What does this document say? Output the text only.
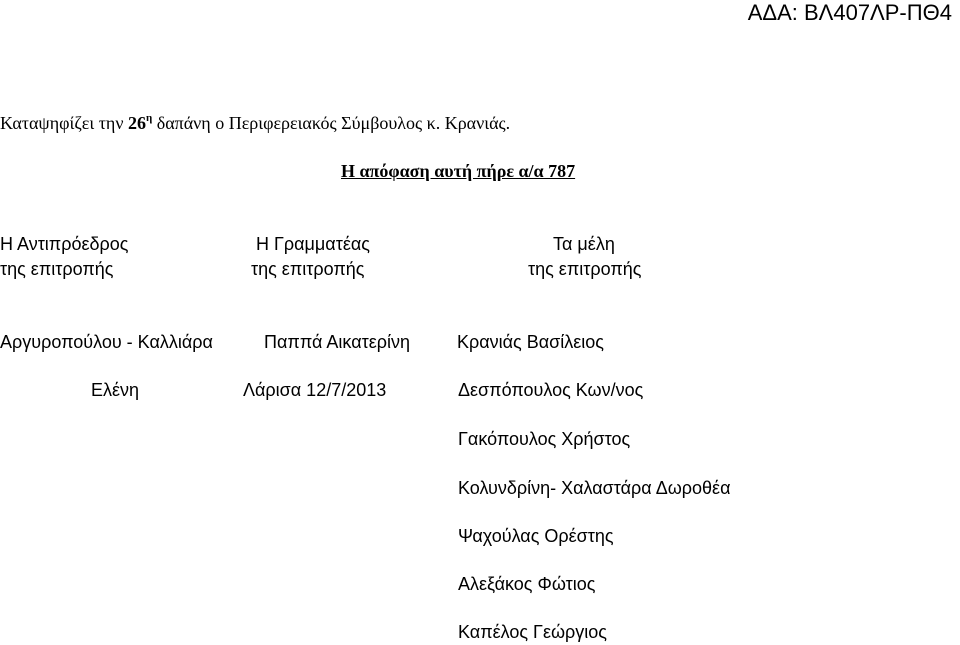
ΑΔΑ: ΒΛ407ΛΡ-ΠΘ4
Καταψηφίζει την $26^\eta$ δαπάνη ο Περιφερειακός Σύμβουλος κ. Κρανιάς.
Η απόφαση αυτή πήρε α/α 787
Η Αντιπρόεδρος
της επιτροπής
Η Γραμματέας
της επιτροπής
Τα μέλη
της επιτροπής
Αργυροπούλου - Καλλιάρα
Ελένη
Παππά Αικατερίνη
Λάρισα 12/7/2013
Κρανιάς Βασίλειος
Δεσπόπουλος Κων/νος
Γακόπουλος Χρήστος
Κολυνδρίνη- Χαλαστάρα Δωροθέα
Ψαχούλας Ορέστης
Αλεξάκος Φώτιος
Καπέλος Γεώργιος
